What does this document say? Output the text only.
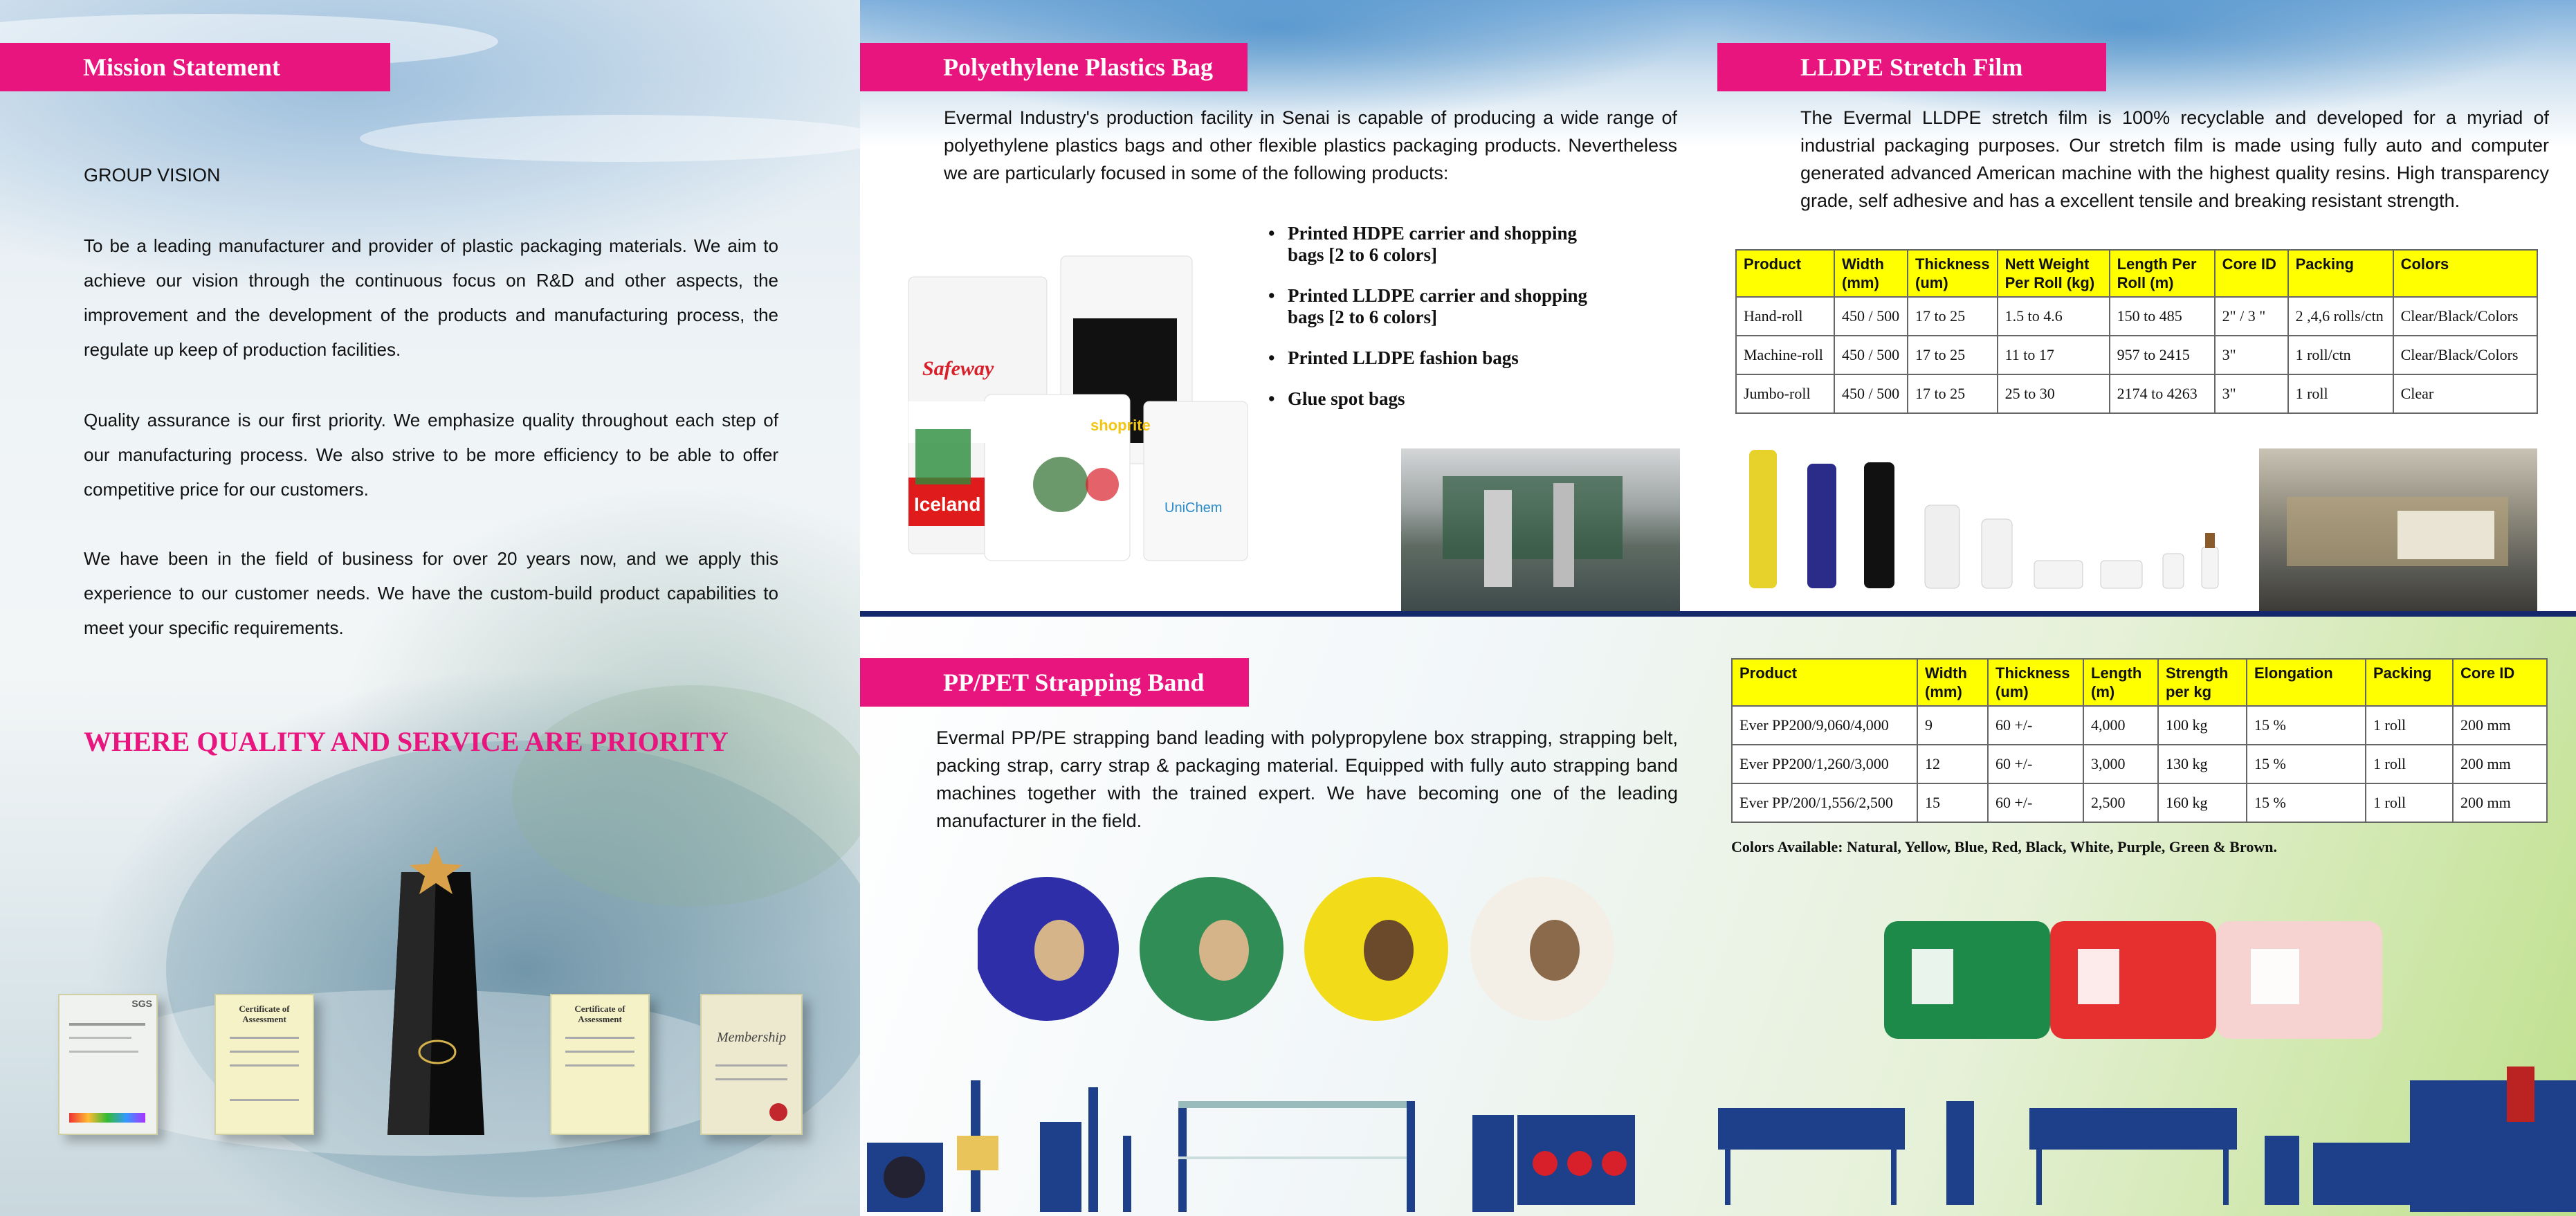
Mission Statement
GROUP VISION

To be a leading manufacturer and provider of plastic packaging materials. We aim to achieve our vision through the continuous focus on R&D and other aspects, the improvement and the development of the products and manufacturing process, the regulate up keep of production facilities.

Quality assurance is our first priority. We emphasize quality throughout each step of our manufacturing process. We also strive to be more efficiency to be able to offer competitive price for our customers.

We have been in the field of business for over 20 years now, and we apply this experience to our customer needs. We have the custom-build product capabilities to meet your specific requirements.

WHERE QUALITY AND SERVICE ARE PRIORITY
SGS	Certificate of Assessment
Certificate of Assessment
Membership
Polyethylene Plastics Bag

Evermal Industry's production facility in Senai is capable of producing a wide range of polyethylene plastics bags and other flexible plastics packaging products. Nevertheless we are particularly focused in some of the following products:

Safeway
shoprite
Iceland	UniChem
• Printed HDPE carrier and shopping bags [2 to 6 colors]
• Printed LLDPE carrier and shopping bags [2 to 6 colors]
• Printed LLDPE fashion bags
• Glue spot bags
LLDPE Stretch Film

The Evermal LLDPE stretch film is 100% recyclable and developed for a myriad of industrial packaging purposes. Our stretch film is made using fully auto and computer generated advanced American machine with the highest quality resins. High transparency grade, self adhesive and has a excellent tensile and breaking resistant strength.

Product	Width (mm)	Thickness (um)	Nett Weight Per Roll (kg)	Length Per Roll (m)	Core ID	Packing	Colors
Hand-roll	450 / 500	17 to 25	1.5 to 4.6	150 to 485	2" / 3 "	2 ,4,6 rolls/ctn	Clear/Black/Colors
Machine-roll	450 / 500	17 to 25	11 to 17	957 to 2415	3"	1 roll/ctn	Clear/Black/Colors
Jumbo-roll	450 / 500	17 to 25	25 to 30	2174 to 4263	3"	1 roll	Clear
PP/PET Strapping Band

Evermal PP/PE strapping band leading with polypropylene box strapping, strapping belt, packing strap, carry strap & packaging material. Equipped with fully auto strapping band machines together with the trained expert. We have becoming one of the leading manufacturer in the field.

Product	Width (mm)	Thickness (um)	Length (m)	Strength per kg	Elongation	Packing	Core ID
Ever PP200/9,060/4,000	9	60 +/-	4,000	100 kg	15 %	1 roll	200 mm
Ever PP200/1,260/3,000	12	60 +/-	3,000	130 kg	15 %	1 roll	200 mm
Ever PP/200/1,556/2,500	15	60 +/-	2,500	160 kg	15 %	1 roll	200 mm
Colors Available: Natural, Yellow, Blue, Red, Black, White, Purple, Green & Brown.
